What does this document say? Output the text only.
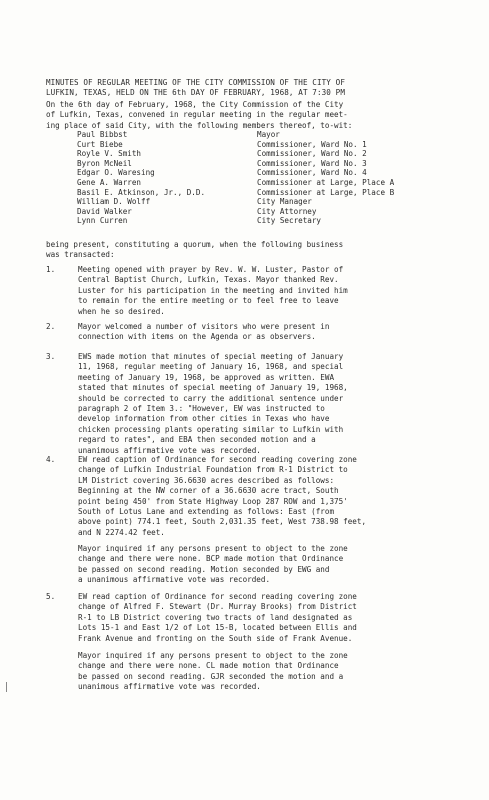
MINUTES OF REGULAR MEETING OF THE CITY COMMISSION OF THE CITY OF
LUFKIN, TEXAS, HELD ON THE 6th DAY OF FEBRUARY, 1968, AT 7:30 PM
On the 6th day of February, 1968, the City Commission of the City
of Lufkin, Texas, convened in regular meeting in the regular meet-
ing place of said City, with the following members thereof, to-wit:
Paul Bibbst	Mayor
Curt Biebe	Commissioner, Ward No. 1
Royle V. Smith	Commissioner, Ward No. 2
Byron McNeil	Commissioner, Ward No. 3
Edgar O. Waresing	Commissioner, Ward No. 4
Gene A. Warren	Commissioner at Large, Place A
Basil E. Atkinson, Jr., D.D.	Commissioner at Large, Place B
William D. Wolff	City Manager
David Walker	City Attorney
Lynn Curren	City Secretary
being present, constituting a quorum, when the following business
was transacted:
1.	Meeting opened with prayer by Rev. W. W. Luster, Pastor of
Central Baptist Church, Lufkin, Texas. Mayor thanked Rev.
Luster for his participation in the meeting and invited him
to remain for the entire meeting or to feel free to leave
when he so desired.
2.	Mayor welcomed a number of visitors who were present in
connection with items on the Agenda or as observers.
3.	EWS made motion that minutes of special meeting of January
11, 1968, regular meeting of January 16, 1968, and special
meeting of January 19, 1968, be approved as written. EWA
stated that minutes of special meeting of January 19, 1968,
should be corrected to carry the additional sentence under
paragraph 2 of Item 3.: "However, EW was instructed to
develop information from other cities in Texas who have
chicken processing plants operating similar to Lufkin with
regard to rates", and EBA then seconded motion and a
unanimous affirmative vote was recorded.
4.	EW read caption of Ordinance for second reading covering zone
change of Lufkin Industrial Foundation from R-1 District to
LM District covering 36.6630 acres described as follows:
Beginning at the NW corner of a 36.6630 acre tract, South
point being 450' from State Highway Loop 287 ROW and 1,375'
South of Lotus Lane and extending as follows: East (from
above point) 774.1 feet, South 2,031.35 feet, West 738.98 feet,
and N 2274.42 feet.
Mayor inquired if any persons present to object to the zone
change and there were none. BCP made motion that Ordinance
be passed on second reading. Motion seconded by EWG and
a unanimous affirmative vote was recorded.
5.	EW read caption of Ordinance for second reading covering zone
change of Alfred F. Stewart (Dr. Murray Brooks) from District
R-1 to LB District covering two tracts of land designated as
Lots 15-1 and East 1/2 of Lot 15-B, located between Ellis and
Frank Avenue and fronting on the South side of Frank Avenue.
Mayor inquired if any persons present to object to the zone
change and there were none. CL made motion that Ordinance
be passed on second reading. GJR seconded the motion and a
unanimous affirmative vote was recorded.
